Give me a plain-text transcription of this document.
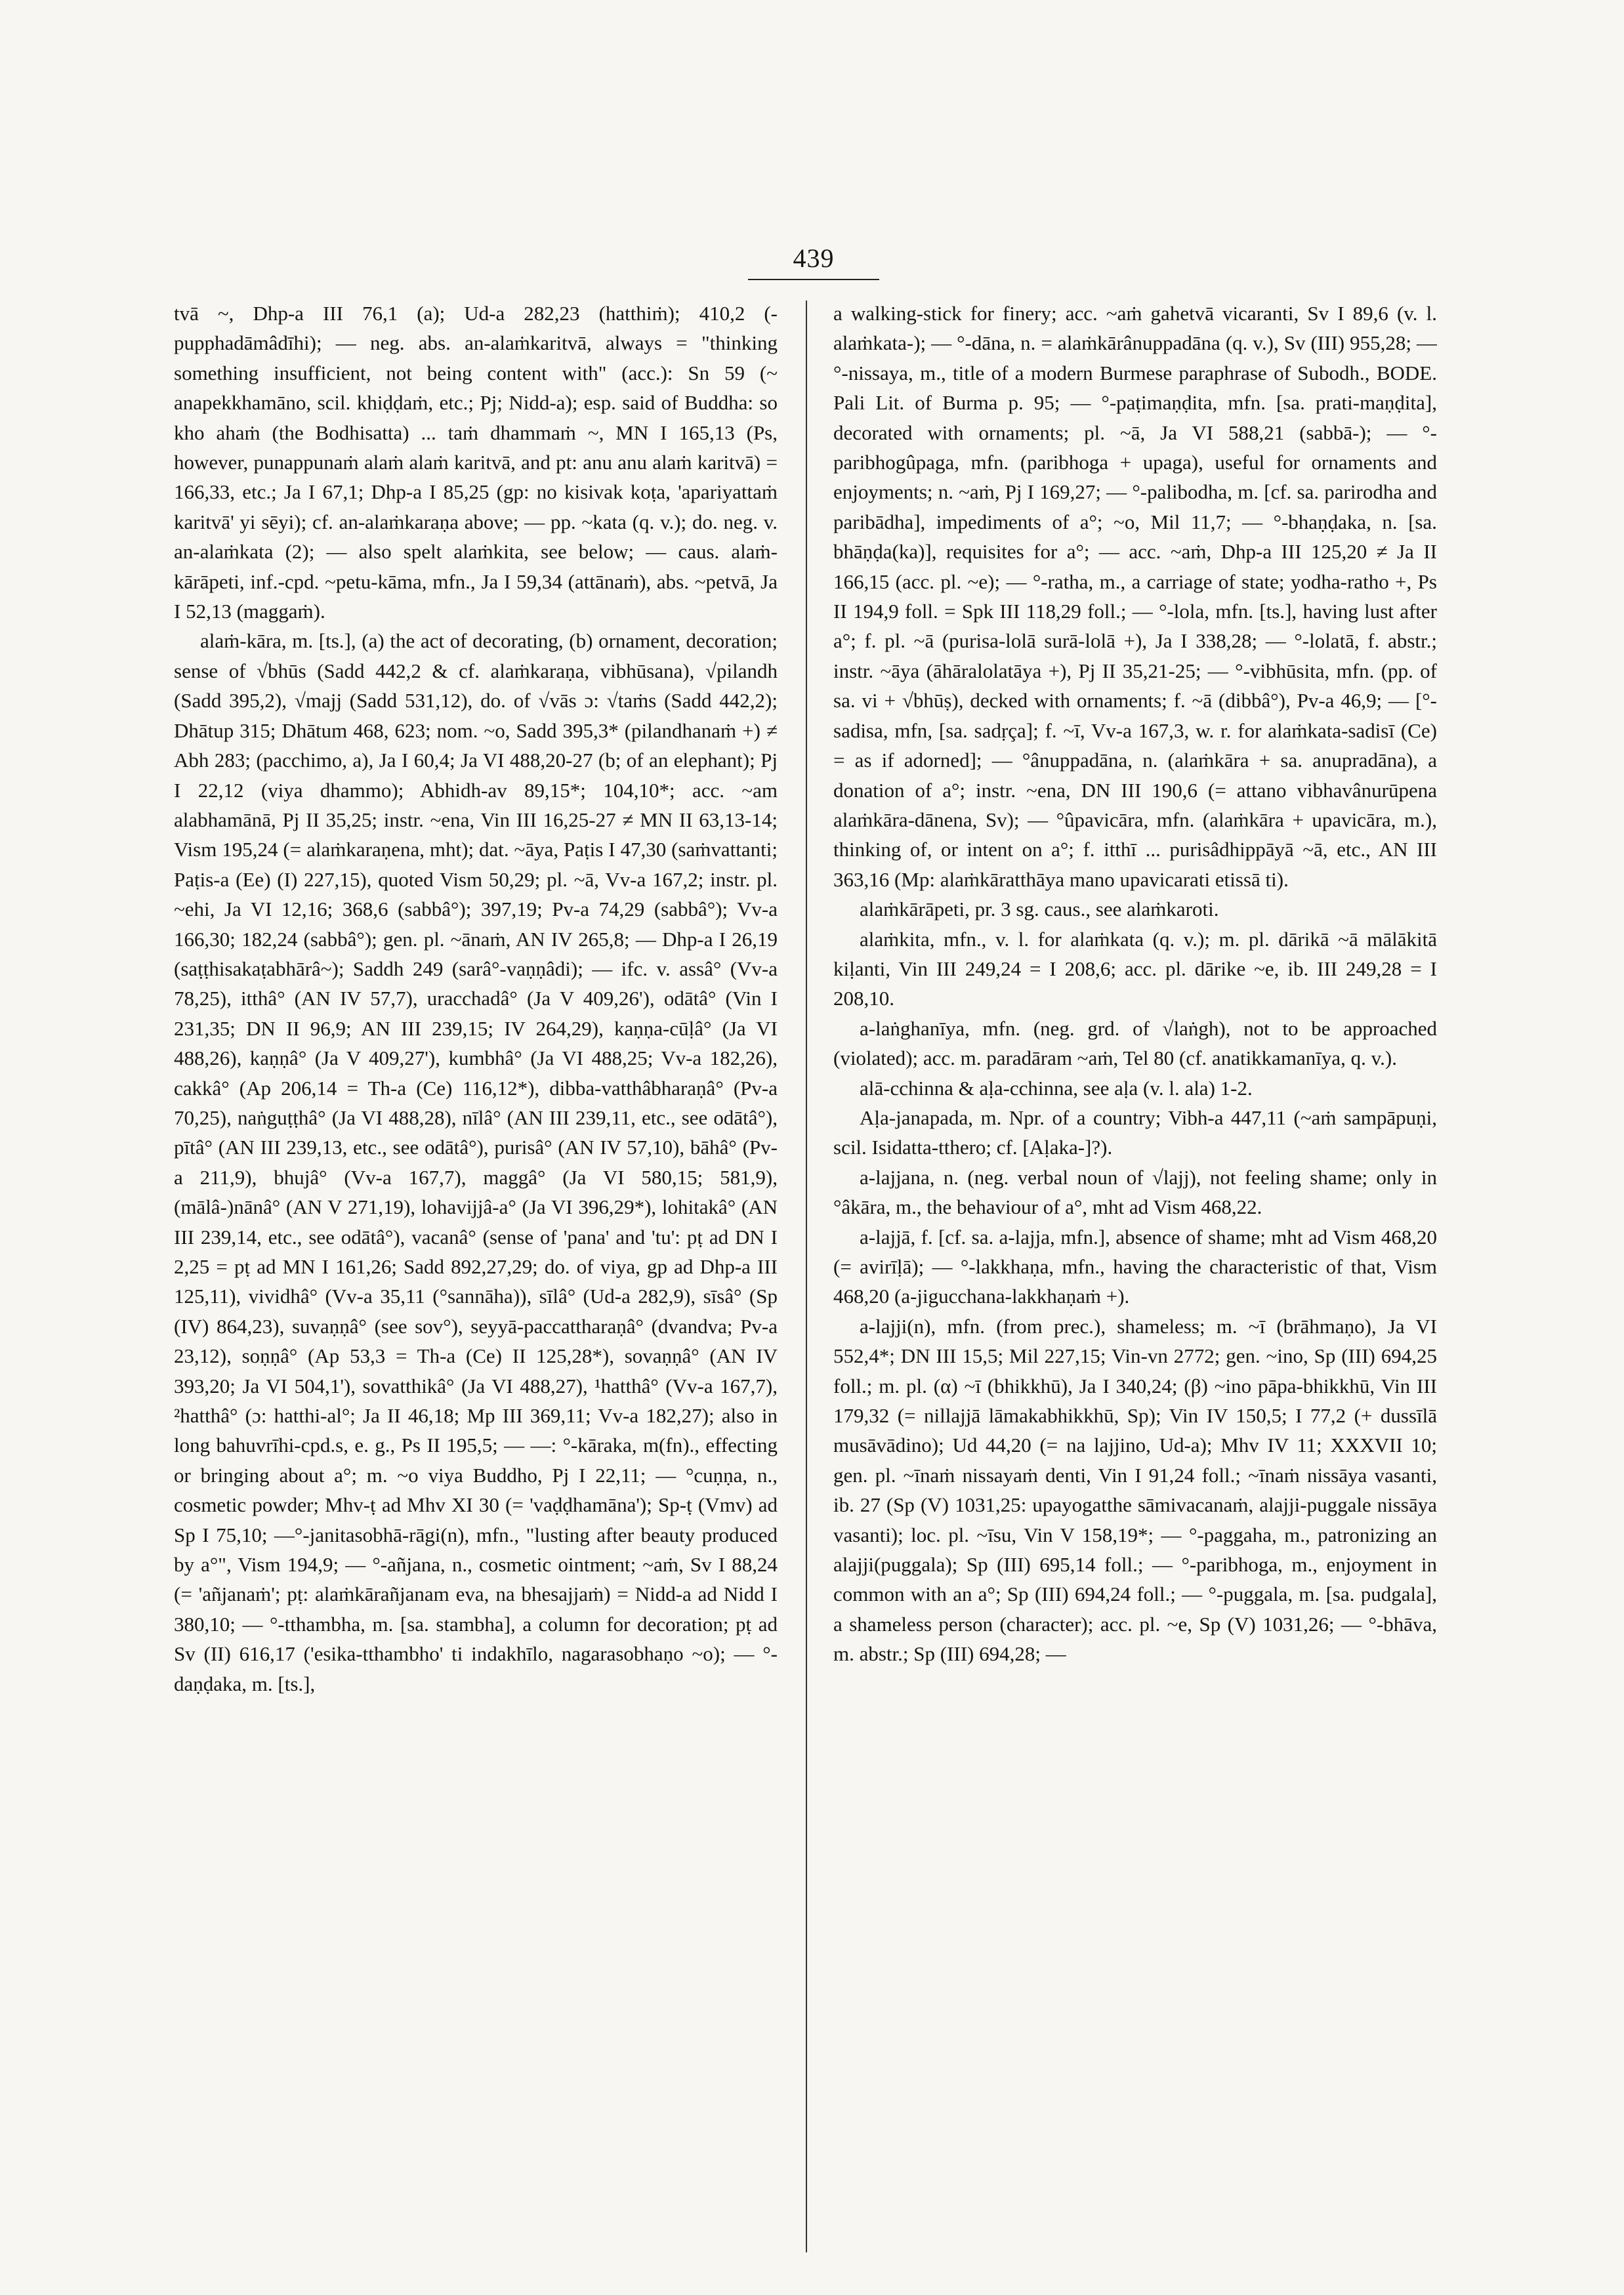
439

tvā ~, Dhp-a III 76,1 (a); Ud-a 282,23 (hatthiṁ); 410,2 (-pupphadāmâdīhi); — neg. abs. an-alaṁkaritvā, always = "thinking something insufficient, not being content with" (acc.): Sn 59 (~ anapekkhamāno, scil. khiḍḍaṁ, etc.; Pj; Nidd-a); esp. said of Buddha: so kho ahaṁ (the Bodhisatta) ... taṁ dhammaṁ ~, MN I 165,13 (Ps, however, punappunaṁ alaṁ alaṁ karitvā, and pt: anu anu alaṁ karitvā) = 166,33, etc.; Ja I 67,1; Dhp-a I 85,25 (gp: no kisivak koṭa, 'apariyattaṁ karitvā' yi sēyi); cf. an-alaṁkaraṇa above; — pp. ~kata (q. v.); do. neg. v. an-alaṁkata (2); — also spelt alaṁkita, see below; — caus. alaṁ-kārāpeti, inf.-cpd. ~petu-kāma, mfn., Ja I 59,34 (attānaṁ), abs. ~petvā, Ja I 52,13 (maggaṁ).

alaṁ-kāra, m. [ts.], (a) the act of decorating, (b) ornament, decoration; sense of √bhūs (Sadd 442,2 & cf. alaṁkaraṇa, vibhūsana), √pilandh (Sadd 395,2), √majj (Sadd 531,12), do. of √vās ɔ: √taṁs (Sadd 442,2); Dhātup 315; Dhātum 468, 623; nom. ~o, Sadd 395,3* (pilandhanaṁ +) ≠ Abh 283; (pacchimo, a), Ja I 60,4; Ja VI 488,20-27 (b; of an elephant); Pj I 22,12 (viya dhammo); Abhidh-av 89,15*; 104,10*; acc. ~am alabhamānā, Pj II 35,25; instr. ~ena, Vin III 16,25-27 ≠ MN II 63,13-14; Vism 195,24 (= alaṁkaraṇena, mht); dat. ~āya, Paṭis I 47,30 (saṁvattanti; Paṭis-a (Ee) (I) 227,15), quoted Vism 50,29; pl. ~ā, Vv-a 167,2; instr. pl. ~ehi, Ja VI 12,16; 368,6 (sabbâ°); 397,19; Pv-a 74,29 (sabbâ°); Vv-a 166,30; 182,24 (sabbâ°); gen. pl. ~ānaṁ, AN IV 265,8; — Dhp-a I 26,19 (saṭṭhisakaṭabhārâ~); Saddh 249 (sarâ°-vaṇṇâdi); — ifc. v. assâ° (Vv-a 78,25), itthâ° (AN IV 57,7), uracchadâ° (Ja V 409,26'), odātâ° (Vin I 231,35; DN II 96,9; AN III 239,15; IV 264,29), kaṇṇa-cūḷâ° (Ja VI 488,26), kaṇṇâ° (Ja V 409,27'), kumbhâ° (Ja VI 488,25; Vv-a 182,26), cakkâ° (Ap 206,14 = Th-a (Ce) 116,12*), dibba-vatthâbharaṇâ° (Pv-a 70,25), naṅguṭṭhâ° (Ja VI 488,28), nīlâ° (AN III 239,11, etc., see odātâ°), pītâ° (AN III 239,13, etc., see odātâ°), purisâ° (AN IV 57,10), bāhâ° (Pv-a 211,9), bhujâ° (Vv-a 167,7), maggâ° (Ja VI 580,15; 581,9), (mālâ-)nānâ° (AN V 271,19), lohavijjâ-a° (Ja VI 396,29*), lohitakâ° (AN III 239,14, etc., see odātâ°), vacanâ° (sense of 'pana' and 'tu': pṭ ad DN I 2,25 = pṭ ad MN I 161,26; Sadd 892,27,29; do. of viya, gp ad Dhp-a III 125,11), vividhâ° (Vv-a 35,11 (°sannāha)), sīlâ° (Ud-a 282,9), sīsâ° (Sp (IV) 864,23), suvaṇṇâ° (see sov°), seyyā-paccattharaṇâ° (dvandva; Pv-a 23,12), soṇṇâ° (Ap 53,3 = Th-a (Ce) II 125,28*), sovaṇṇâ° (AN IV 393,20; Ja VI 504,1'), sovatthikâ° (Ja VI 488,27), ¹hatthâ° (Vv-a 167,7), ²hatthâ° (ɔ: hatthi-al°; Ja II 46,18; Mp III 369,11; Vv-a 182,27); also in long bahuvrīhi-cpd.s, e. g., Ps II 195,5; — —: °-kāraka, m(fn)., effecting or bringing about a°; m. ~o viya Buddho, Pj I 22,11; — °cuṇṇa, n., cosmetic powder; Mhv-ṭ ad Mhv XI 30 (= 'vaḍḍhamāna'); Sp-ṭ (Vmv) ad Sp I 75,10; —°-janitasobhā-rāgi(n), mfn., "lusting after beauty produced by a°", Vism 194,9; — °-añjana, n., cosmetic ointment; ~aṁ, Sv I 88,24 (= 'añjanaṁ'; pṭ: alaṁkārañjanam eva, na bhesajjaṁ) = Nidd-a ad Nidd I 380,10; — °-tthambha, m. [sa. stambha], a column for decoration; pṭ ad Sv (II) 616,17 ('esika-tthambho' ti indakhīlo, nagarasobhaṇo ~o); — °-daṇḍaka, m. [ts.],

a walking-stick for finery; acc. ~aṁ gahetvā vicaranti, Sv I 89,6 (v. l. alaṁkata-); — °-dāna, n. = alaṁkārânuppadāna (q. v.), Sv (III) 955,28; — °-nissaya, m., title of a modern Burmese paraphrase of Subodh., BODE. Pali Lit. of Burma p. 95; — °-paṭimaṇḍita, mfn. [sa. prati-maṇḍita], decorated with ornaments; pl. ~ā, Ja VI 588,21 (sabbā-); — °-paribhogûpaga, mfn. (paribhoga + upaga), useful for ornaments and enjoyments; n. ~aṁ, Pj I 169,27; — °-palibodha, m. [cf. sa. parirodha and paribādha], impediments of a°; ~o, Mil 11,7; — °-bhaṇḍaka, n. [sa. bhāṇḍa(ka)], requisites for a°; — acc. ~aṁ, Dhp-a III 125,20 ≠ Ja II 166,15 (acc. pl. ~e); — °-ratha, m., a carriage of state; yodha-ratho +, Ps II 194,9 foll. = Spk III 118,29 foll.; — °-lola, mfn. [ts.], having lust after a°; f. pl. ~ā (purisa-lolā surā-lolā +), Ja I 338,28; — °-lolatā, f. abstr.; instr. ~āya (āhāralolatāya +), Pj II 35,21-25; — °-vibhūsita, mfn. (pp. of sa. vi + √bhūṣ), decked with ornaments; f. ~ā (dibbâ°), Pv-a 46,9; — [°-sadisa, mfn, [sa. sadṛça]; f. ~ī, Vv-a 167,3, w. r. for alaṁkata-sadisī (Ce) = as if adorned]; — °ânuppadāna, n. (alaṁkāra + sa. anupradāna), a donation of a°; instr. ~ena, DN III 190,6 (= attano vibhavânurūpena alaṁkāra-dānena, Sv); — °ûpavicāra, mfn. (alaṁkāra + upavicāra, m.), thinking of, or intent on a°; f. itthī ... purisâdhippāyā ~ā, etc., AN III 363,16 (Mp: alaṁkāratthāya mano upavicarati etissā ti).

alaṁkārāpeti, pr. 3 sg. caus., see alaṁkaroti.

alaṁkita, mfn., v. l. for alaṁkata (q. v.); m. pl. dārikā ~ā mālākitā kiḷanti, Vin III 249,24 = I 208,6; acc. pl. dārike ~e, ib. III 249,28 = I 208,10.

a-laṅghanīya, mfn. (neg. grd. of √laṅgh), not to be approached (violated); acc. m. paradāram ~aṁ, Tel 80 (cf. anatikkamanīya, q. v.).

alā-cchinna & aḷa-cchinna, see aḷa (v. l. ala) 1-2.

Aḷa-janapada, m. Npr. of a country; Vibh-a 447,11 (~aṁ sampāpuṇi, scil. Isidatta-tthero; cf. [Aḷaka-]?).

a-lajjana, n. (neg. verbal noun of √lajj), not feeling shame; only in °âkāra, m., the behaviour of a°, mht ad Vism 468,22.

a-lajjā, f. [cf. sa. a-lajja, mfn.], absence of shame; mht ad Vism 468,20 (= avirīḷā); — °-lakkhaṇa, mfn., having the characteristic of that, Vism 468,20 (a-jigucchana-lakkhaṇaṁ +).

a-lajji(n), mfn. (from prec.), shameless; m. ~ī (brāhmaṇo), Ja VI 552,4*; DN III 15,5; Mil 227,15; Vin-vn 2772; gen. ~ino, Sp (III) 694,25 foll.; m. pl. (α) ~ī (bhikkhū), Ja I 340,24; (β) ~ino pāpa-bhikkhū, Vin III 179,32 (= nillajjā lāmakabhikkhū, Sp); Vin IV 150,5; I 77,2 (+ dussīlā musāvādino); Ud 44,20 (= na lajjino, Ud-a); Mhv IV 11; XXXVII 10; gen. pl. ~īnaṁ nissayaṁ denti, Vin I 91,24 foll.; ~īnaṁ nissāya vasanti, ib. 27 (Sp (V) 1031,25: upayogatthe sāmivacanaṁ, alajji-puggale nissāya vasanti); loc. pl. ~īsu, Vin V 158,19*; — °-paggaha, m., patronizing an alajji(puggala); Sp (III) 695,14 foll.; — °-paribhoga, m., enjoyment in common with an a°; Sp (III) 694,24 foll.; — °-puggala, m. [sa. pudgala], a shameless person (character); acc. pl. ~e, Sp (V) 1031,26; — °-bhāva, m. abstr.; Sp (III) 694,28; —
